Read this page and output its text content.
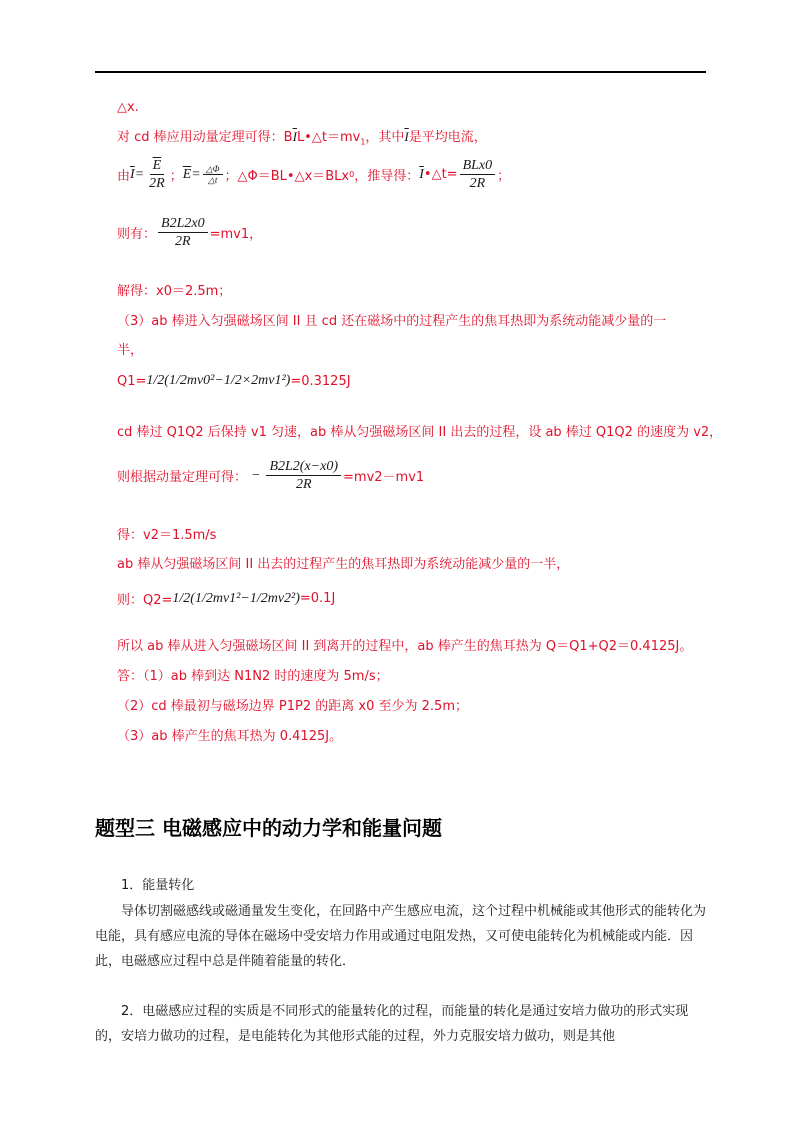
△x.
对 cd 棒应用动量定理可得：$B\overline{I}L•\triangle t=mv_1$，其中$\overline{I}$是平均电流，
由 $\overline{I} = \frac{\overline{E}}{2R}$ ； $\overline{E} = \frac{\triangle\Phi}{\triangle t}$ ；△Φ＝BL•△x＝BLx 0 ，推导得： $\overline{I}$ •△t= $\frac{\text{BLx0}}{2R}$ ；
则有： $\frac{B2L2x0}{2R} =mv1$，
解得：x0＝2.5m；
（3）ab 棒进入匀强磁场区间 II 且 cd 还在磁场中的过程产生的焦耳热即为系统动能减少量的一
半，
Q1= 1/2(1/2mv0²−1/2×2mv1²) =0.3125J
cd 棒过 Q1Q2 后保持 v1 匀速，ab 棒从匀强磁场区间 II 出去的过程，设 ab 棒过 Q1Q2 的速度为 v2，
则根据动量定理可得： − $\frac{B2L2(x-x0)}{2R} =mv2-mv1$
得：v2＝1.5m/s
ab 棒从匀强磁场区间 II 出去的过程产生的焦耳热即为系统动能减少量的一半，
则：Q2= 1/2(1/2mv1²−1/2mv2²) =0.1J
所以 ab 棒从进入匀强磁场区间 II 到离开的过程中，ab 棒产生的焦耳热为 Q＝Q1+Q2＝0.4125J。
答：（1）ab 棒到达 N1N2 时的速度为 5m/s；
（2）cd 棒最初与磁场边界 P1P2 的距离 x0 至少为 2.5m；
（3）ab 棒产生的焦耳热为 0.4125J。
题型三 电磁感应中的动力学和能量问题
1．能量转化
导体切割磁感线或磁通量发生变化，在回路中产生感应电流，这个过程中机械能或其他形式的能转化为电能，具有感应电流的导体在磁场中受安培力作用或通过电阻发热，又可使电能转化为机械能或内能．因此，电磁感应过程中总是伴随着能量的转化．
2．电磁感应过程的实质是不同形式的能量转化的过程，而能量的转化是通过安培力做功的形式实现的，安培力做功的过程，是电能转化为其他形式能的过程，外力克服安培力做功，则是其他
